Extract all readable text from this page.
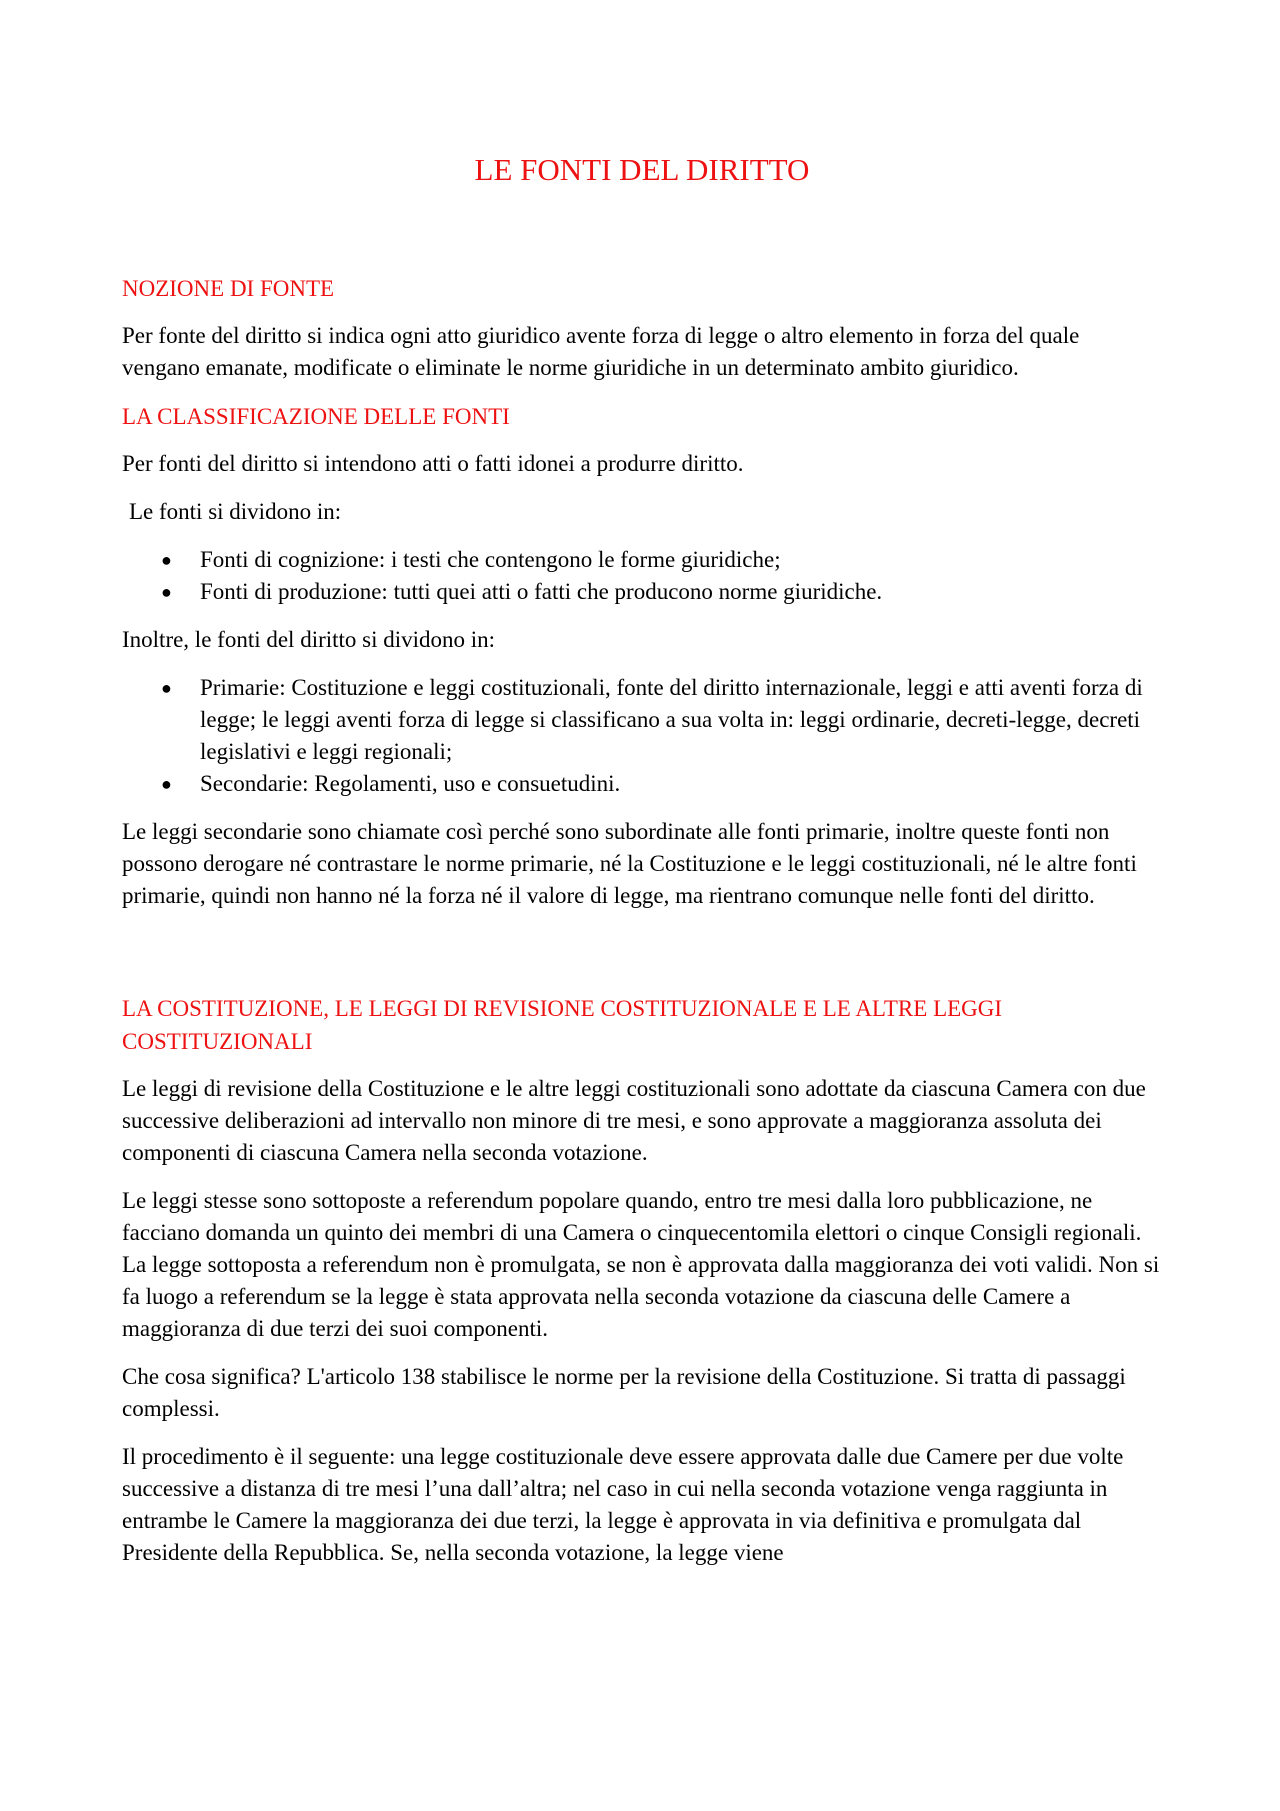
LE FONTI DEL DIRITTO
NOZIONE DI FONTE

Per fonte del diritto si indica ogni atto giuridico avente forza di legge o altro elemento in forza del quale vengano emanate, modificate o eliminate le norme giuridiche in un determinato ambito giuridico.

LA CLASSIFICAZIONE DELLE FONTI

Per fonti del diritto si intendono atti o fatti idonei a produrre diritto.

Le fonti si dividono in:

● Fonti di cognizione: i testi che contengono le forme giuridiche;
● Fonti di produzione: tutti quei atti o fatti che producono norme giuridiche.

Inoltre, le fonti del diritto si dividono in:

● Primarie: Costituzione e leggi costituzionali, fonte del diritto internazionale, leggi e atti aventi forza di legge; le leggi aventi forza di legge si classificano a sua volta in: leggi ordinarie, decreti-legge, decreti legislativi e leggi regionali;
● Secondarie: Regolamenti, uso e consuetudini.

Le leggi secondarie sono chiamate così perché sono subordinate alle fonti primarie, inoltre queste fonti non possono derogare né contrastare le norme primarie, né la Costituzione e le leggi costituzionali, né le altre fonti primarie, quindi non hanno né la forza né il valore di legge, ma rientrano comunque nelle fonti del diritto.

LA COSTITUZIONE, LE LEGGI DI REVISIONE COSTITUZIONALE E LE ALTRE LEGGI COSTITUZIONALI

Le leggi di revisione della Costituzione e le altre leggi costituzionali sono adottate da ciascuna Camera con due successive deliberazioni ad intervallo non minore di tre mesi, e sono approvate a maggioranza assoluta dei componenti di ciascuna Camera nella seconda votazione.

Le leggi stesse sono sottoposte a referendum popolare quando, entro tre mesi dalla loro pubblicazione, ne facciano domanda un quinto dei membri di una Camera o cinquecentomila elettori o cinque Consigli regionali. La legge sottoposta a referendum non è promulgata, se non è approvata dalla maggioranza dei voti validi. Non si fa luogo a referendum se la legge è stata approvata nella seconda votazione da ciascuna delle Camere a maggioranza di due terzi dei suoi componenti.

Che cosa significa? L'articolo 138 stabilisce le norme per la revisione della Costituzione. Si tratta di passaggi complessi.

Il procedimento è il seguente: una legge costituzionale deve essere approvata dalle due Camere per due volte successive a distanza di tre mesi l’una dall’altra; nel caso in cui nella seconda votazione venga raggiunta in entrambe le Camere la maggioranza dei due terzi, la legge è approvata in via definitiva e promulgata dal Presidente della Repubblica. Se, nella seconda votazione, la legge viene
